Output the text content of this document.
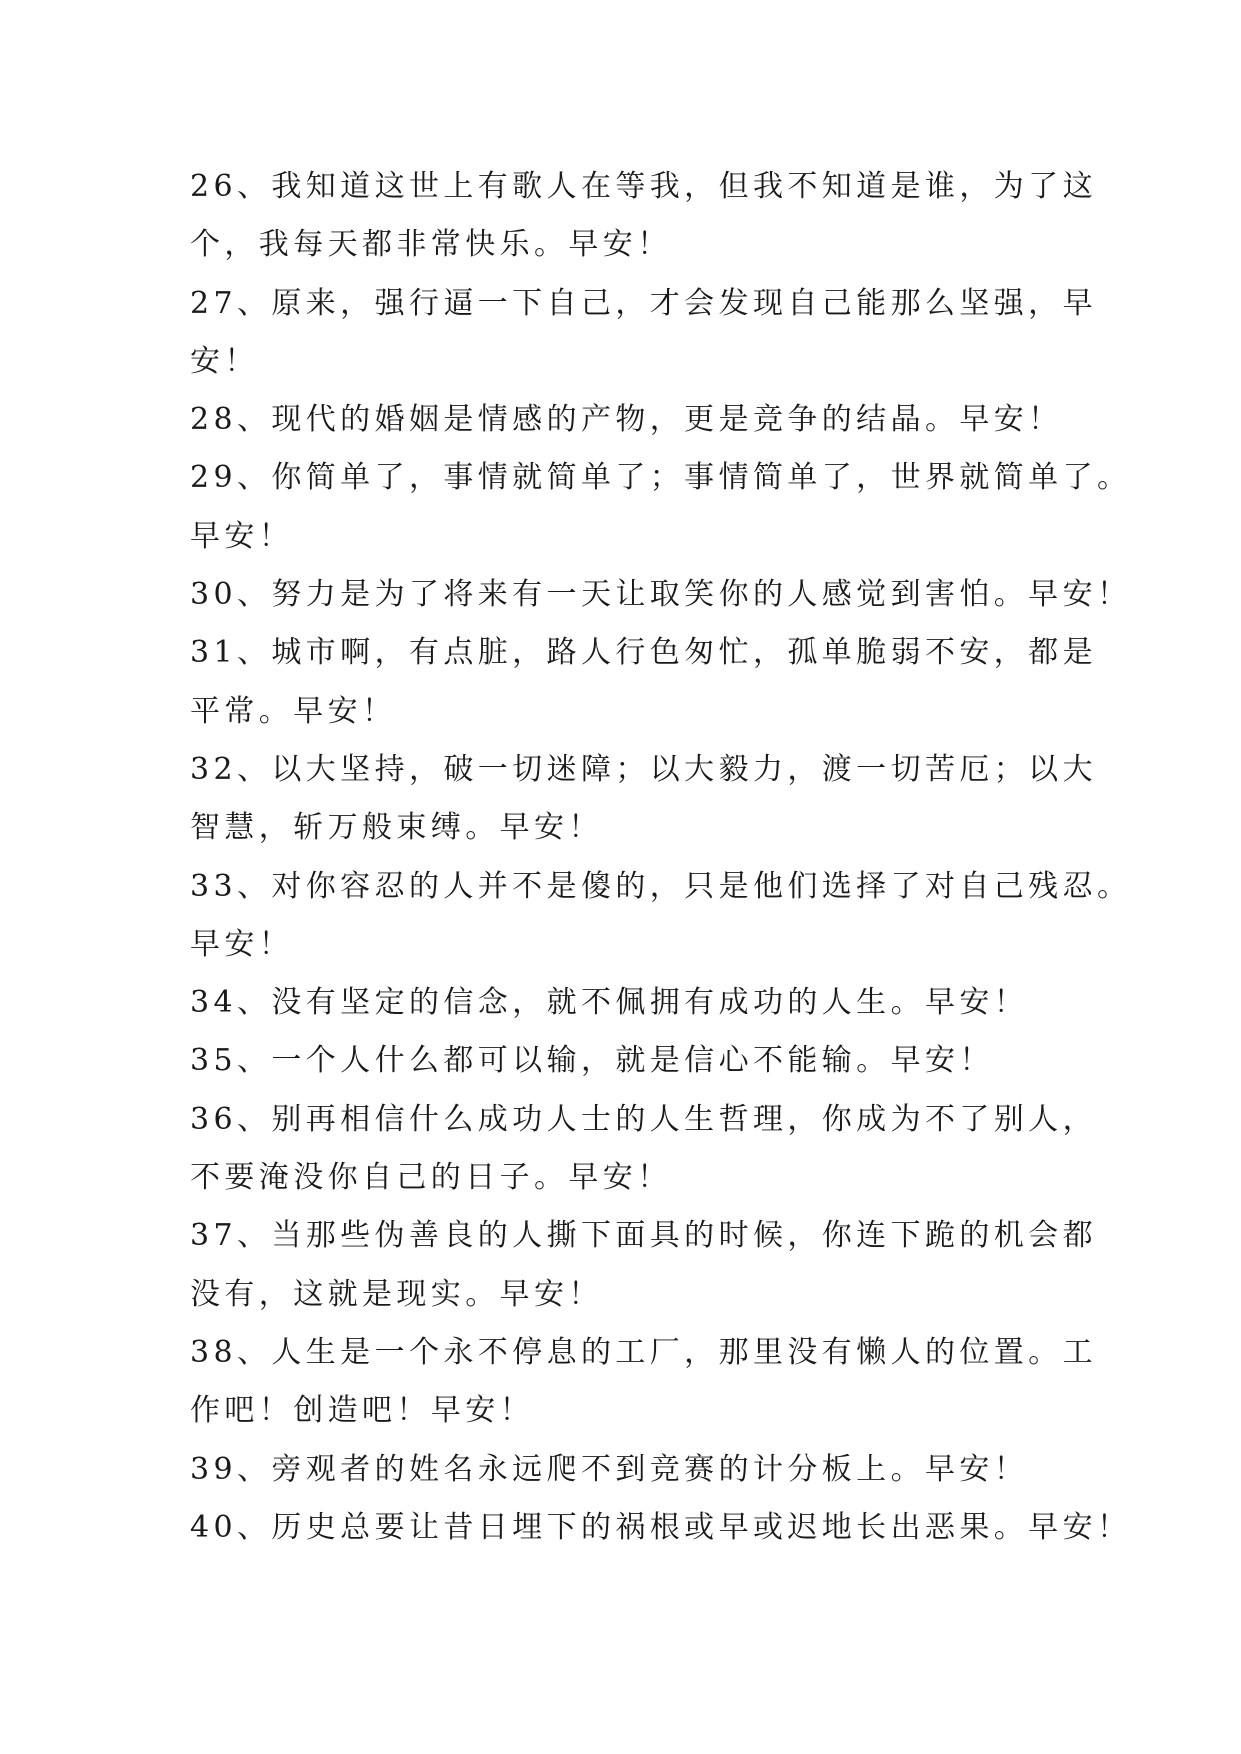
26、我知道这世上有歌人在等我，但我不知道是谁，为了这
个，我每天都非常快乐。早安！
27、原来，强行逼一下自己，才会发现自己能那么坚强，早
安！
28、现代的婚姻是情感的产物，更是竞争的结晶。早安！
29、你简单了，事情就简单了；事情简单了，世界就简单了。
早安！
30、努力是为了将来有一天让取笑你的人感觉到害怕。早安！
31、城市啊，有点脏，路人行色匆忙，孤单脆弱不安，都是
平常。早安！
32、以大坚持，破一切迷障；以大毅力，渡一切苦厄；以大
智慧，斩万般束缚。早安！
33、对你容忍的人并不是傻的，只是他们选择了对自己残忍。
早安！
34、没有坚定的信念，就不佩拥有成功的人生。早安！
35、一个人什么都可以输，就是信心不能输。早安！
36、别再相信什么成功人士的人生哲理，你成为不了别人，
不要淹没你自己的日子。早安！
37、当那些伪善良的人撕下面具的时候，你连下跪的机会都
没有，这就是现实。早安！
38、人生是一个永不停息的工厂，那里没有懒人的位置。工
作吧！创造吧！早安！
39、旁观者的姓名永远爬不到竞赛的计分板上。早安！
40、历史总要让昔日埋下的祸根或早或迟地长出恶果。早安！
